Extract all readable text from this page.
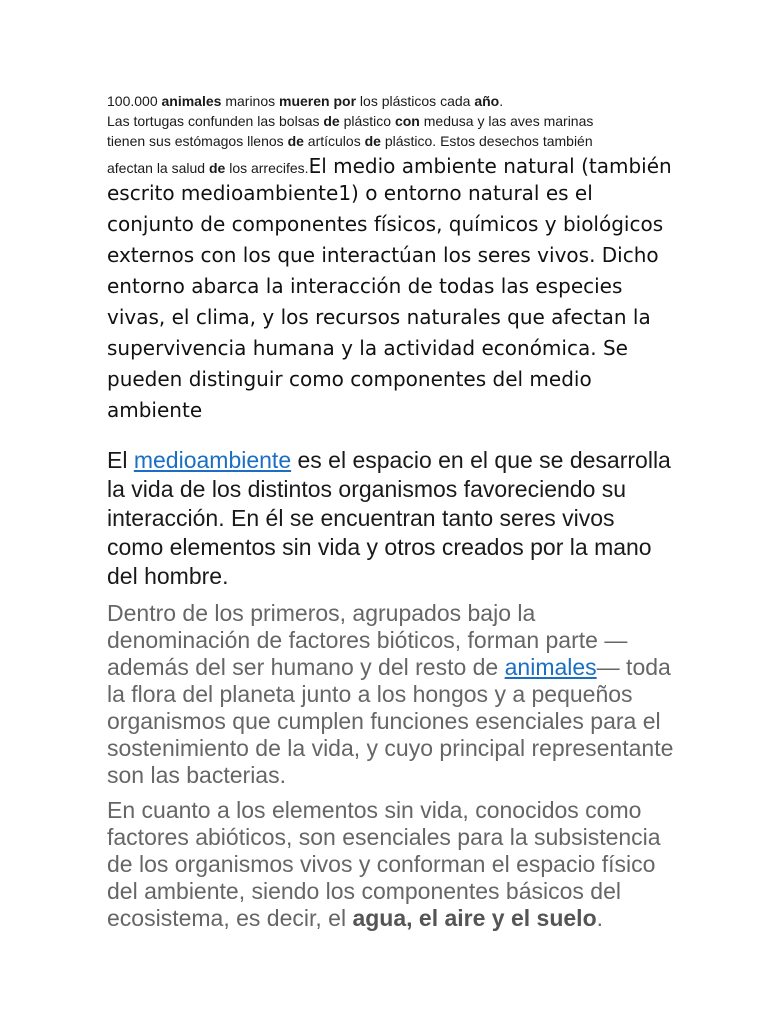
100.000 animales marinos mueren por los plásticos cada año.
Las tortugas confunden las bolsas de plástico con medusa y las aves marinas
tienen sus estómagos llenos de artículos de plástico. Estos desechos también
afectan la salud de los arrecifes.El medio ambiente natural (también
escrito medioambiente1) o entorno natural es el conjunto de componentes físicos, químicos y biológicos externos con los que interactúan los seres vivos. Dicho entorno abarca la interacción de todas las especies vivas, el clima, y los recursos naturales que afectan la supervivencia humana y la actividad económica. Se pueden distinguir como componentes del medio ambiente
El medioambiente es el espacio en el que se desarrolla la vida de los distintos organismos favoreciendo su interacción. En él se encuentran tanto seres vivos como elementos sin vida y otros creados por la mano del hombre.
Dentro de los primeros, agrupados bajo la denominación de factores bióticos, forman parte —además del ser humano y del resto de animales— toda la flora del planeta junto a los hongos y a pequeños organismos que cumplen funciones esenciales para el sostenimiento de la vida, y cuyo principal representante son las bacterias.
En cuanto a los elementos sin vida, conocidos como factores abióticos, son esenciales para la subsistencia de los organismos vivos y conforman el espacio físico del ambiente, siendo los componentes básicos del ecosistema, es decir, el agua, el aire y el suelo.
